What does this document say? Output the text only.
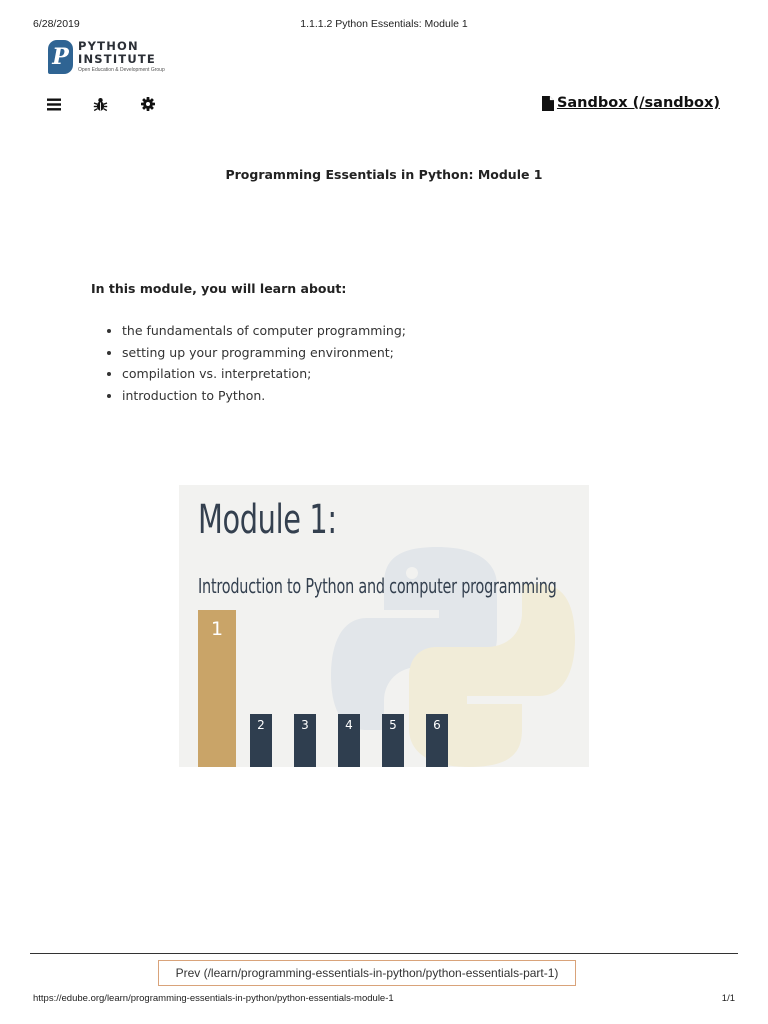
6/28/2019	1.1.1.2 Python Essentials: Module 1
P PYTHON
INSTITUTE
Open Education & Development Group
Sandbox (/sandbox)
Programming Essentials in Python: Module 1

In this module, you will learn about:

• the fundamentals of computer programming;
• setting up your programming environment;
• compilation vs. interpretation;
• introduction to Python.
Module 1:
Introduction to Python and computer programming
1
2	3	4	5	6
Prev (/learn/programming-essentials-in-python/python-essentials-part-1)
https://edube.org/learn/programming-essentials-in-python/python-essentials-module-1	1/1
